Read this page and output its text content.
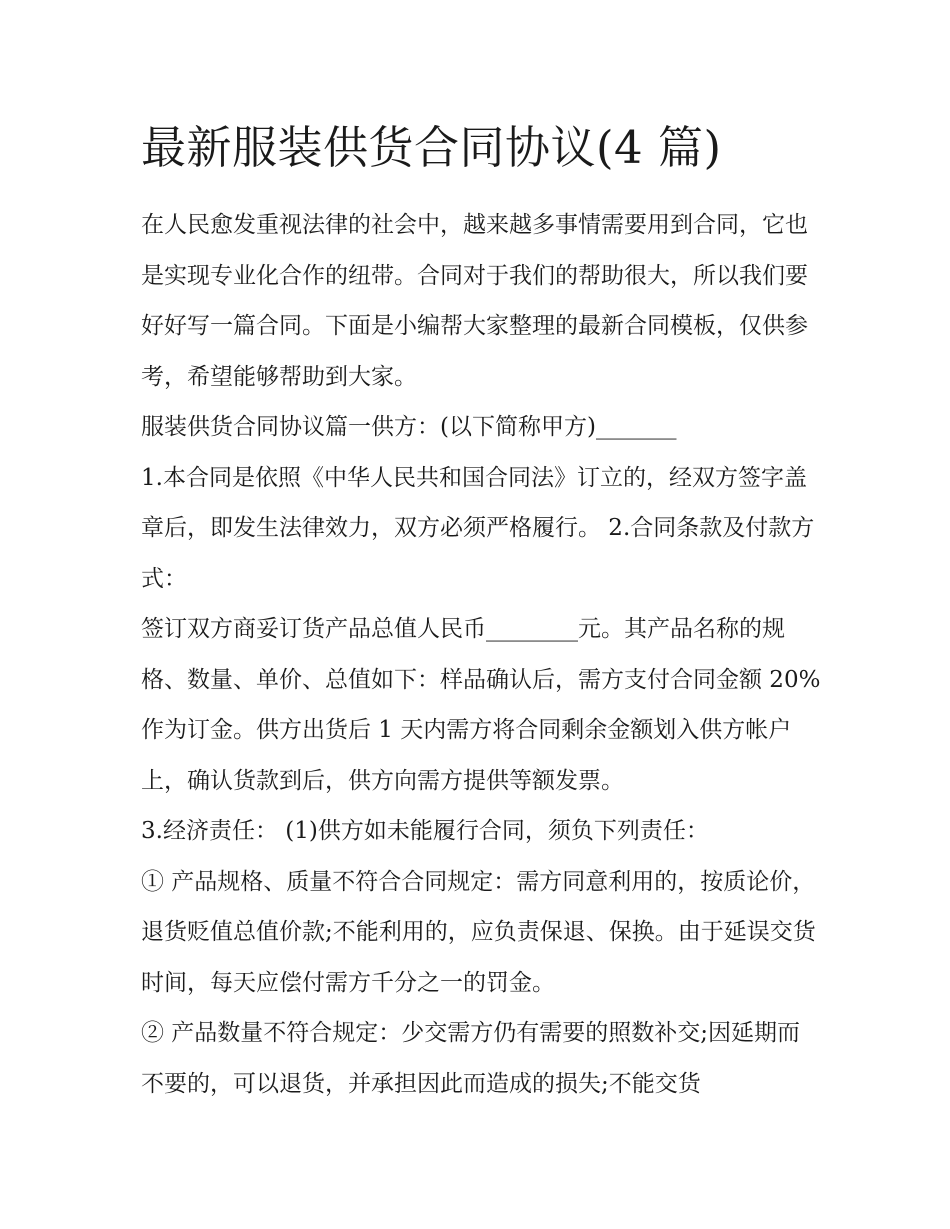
最新服装供货合同协议(4 篇)

在人民愈发重视法律的社会中，越来越多事情需要用到合同，它也是实现专业化合作的纽带。合同对于我们的帮助很大，所以我们要好好写一篇合同。下面是小编帮大家整理的最新合同模板，仅供参考，希望能够帮助到大家。

服装供货合同协议篇一供方：(以下简称甲方)_______

1.本合同是依照《中华人民共和国合同法》订立的，经双方签字盖章后，即发生法律效力，双方必须严格履行。 2.合同条款及付款方式：

签订双方商妥订货产品总值人民币________元。其产品名称的规格、数量、单价、总值如下：样品确认后，需方支付合同金额 20%作为订金。供方出货后 1 天内需方将合同剩余金额划入供方帐户上，确认货款到后，供方向需方提供等额发票。

3.经济责任： (1)供方如未能履行合同，须负下列责任：

① 产品规格、质量不符合合同规定：需方同意利用的，按质论价，退货贬值总值价款;不能利用的，应负责保退、保换。由于延误交货时间，每天应偿付需方千分之一的罚金。

② 产品数量不符合规定：少交需方仍有需要的照数补交;因延期而不要的，可以退货，并承担因此而造成的损失;不能交货
